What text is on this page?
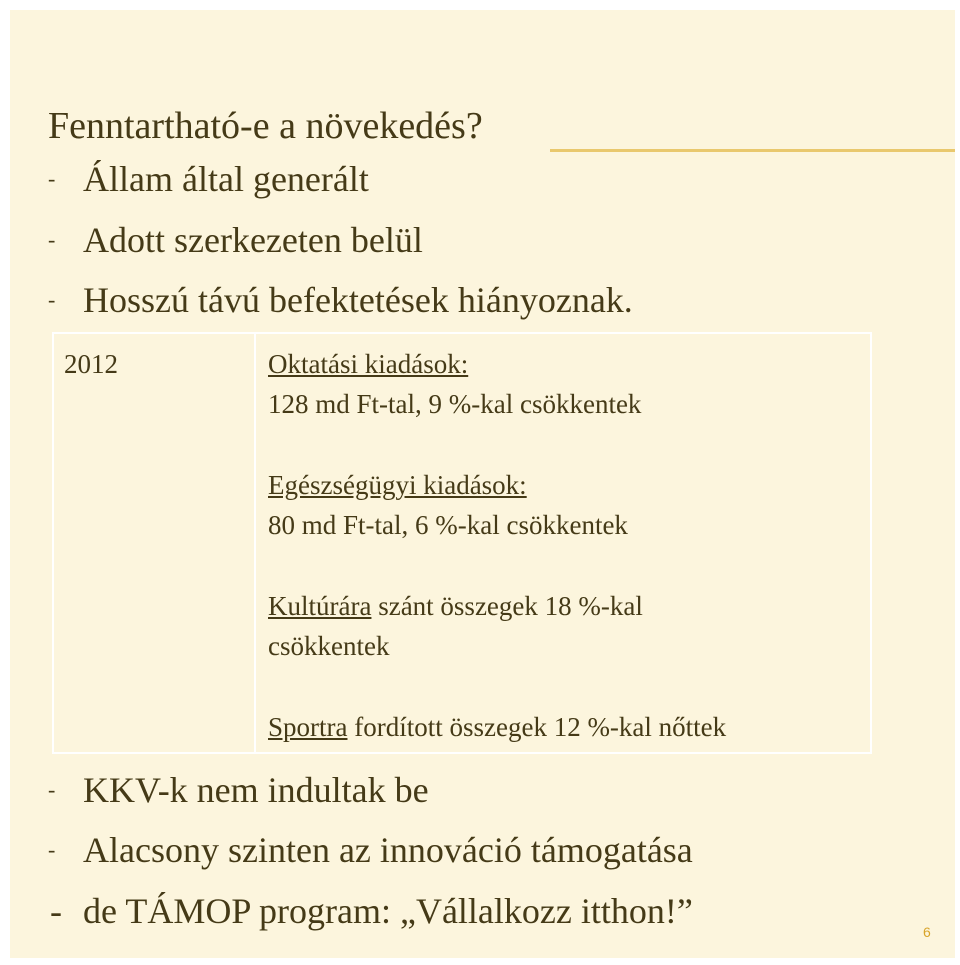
Fenntartható-e a növekedés?

- Állam által generált

- Adott szerkezeten belül

- Hosszú távú befektetések hiányoznak.

2012	Oktatási kiadások:
128 md Ft-tal, 9 %-kal csökkentek

Egészségügyi kiadások:
80 md Ft-tal, 6 %-kal csökkentek

Kultúrára szánt összegek 18 %-kal
csökkentek

Sportra fordított összegek 12 %-kal nőttek

- KKV-k nem indultak be

- Alacsony szinten az innováció támogatása

- de TÁMOP program: „Vállalkozz itthon!”

6
